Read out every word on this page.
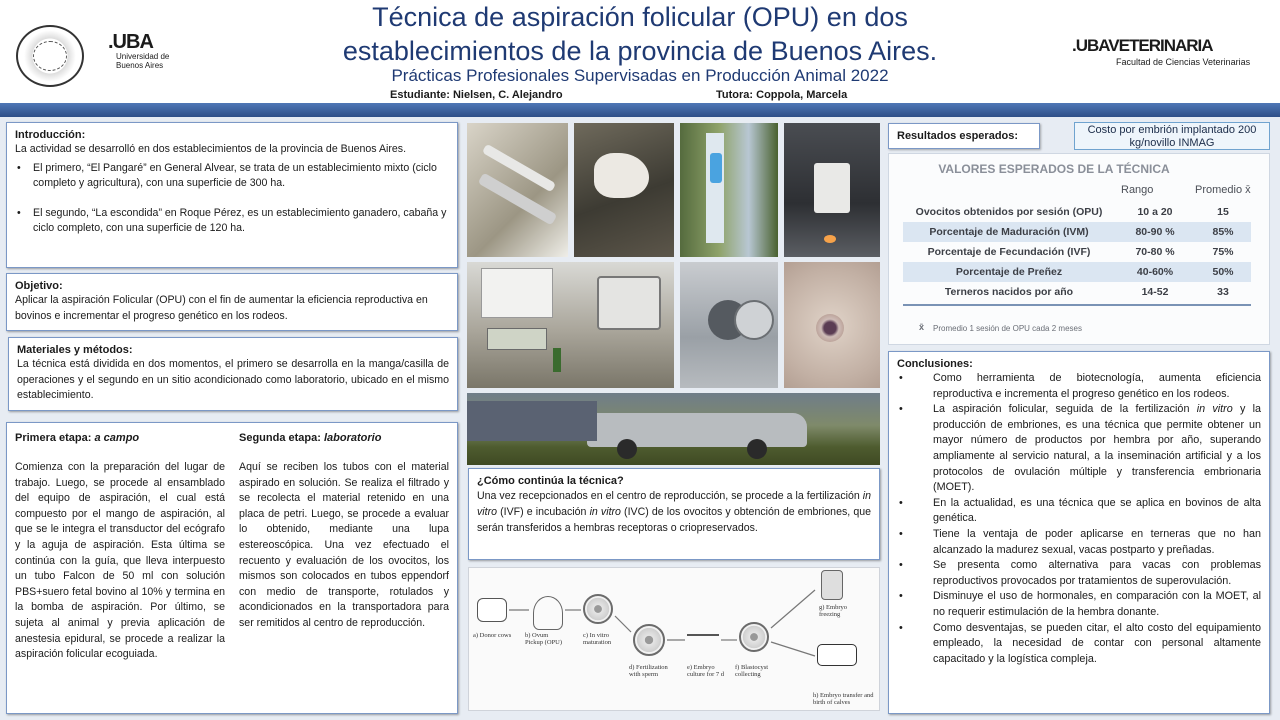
.UBA
Universidad de
Buenos Aires
Técnica de aspiración folicular (OPU) en dos
establecimientos de la provincia de Buenos Aires.
Prácticas Profesionales Supervisadas en Producción Animal 2022
Estudiante: Nielsen, C. Alejandro	Tutora: Coppola, Marcela
.UBAVETERINARIA
Facultad de Ciencias Veterinarias
Introducción:

La actividad se desarrolló en dos establecimientos de la provincia de Buenos Aires.

• El primero, “El Pangaré” en General Alvear, se trata de un establecimiento mixto (ciclo completo y agricultura), con una superficie de 300 ha.
• El segundo, “La escondida” en Roque Pérez, es un establecimiento ganadero, cabaña y ciclo completo, con una superficie de 120 ha.
Objetivo:

Aplicar la aspiración Folicular (OPU) con el fin de aumentar la eficiencia reproductiva en bovinos e incrementar el progreso genético en los rodeos.

Materiales y métodos:

La técnica está dividida en dos momentos, el primero se desarrolla en la manga/casilla de operaciones y el segundo en un sitio acondicionado como laboratorio, ubicado en el mismo establecimiento.

Primera etapa: a campo

Comienza con la preparación del lugar de trabajo. Luego, se procede al ensamblado del equipo de aspiración, el cual está compuesto por el mango de aspiración, al que se le integra el transductor del ecógrafo y la aguja de aspiración. Esta última se continúa con la guía, que lleva interpuesto un tubo Falcon de 50 ml con solución PBS+suero fetal bovino al 10% y termina en la bomba de aspiración. Por último, se sujeta al animal y previa aplicación de anestesia epidural, se procede a realizar la aspiración folicular ecoguiada.

Segunda etapa: laboratorio

Aquí se reciben los tubos con el material aspirado en solución. Se realiza el filtrado y se recolecta el material retenido en una placa de petri. Luego, se procede a evaluar lo obtenido, mediante una lupa estereoscópica. Una vez efectuado el recuento y evaluación de los ovocitos, los mismos son colocados en tubos eppendorf con medio de transporte, rotulados y acondicionados en la transportadora para ser remitidos al centro de reproducción.

¿Cómo continúa la técnica?

Una vez recepcionados en el centro de reproducción, se procede a la fertilización in vitro (IVF) e incubación in vitro (IVC) de los ovocitos y obtención de embriones, que serán transferidos a hembras receptoras o criopreservados.

a) Donor cows b) Ovum Pickup (OPU)
c) In vitro maturation
d) Fertilization with sperm
e) Embryo culture for 7 d
f) Blastocyst collecting
g) Embryo freezing
h) Embryo transfer and birth of calves
Resultados esperados:	Costo por embrión implantado 200 kg/novillo INMAG
VALORES ESPERADOS DE LA TÉCNICA
Rango	Promedio x̄
Ovocitos obtenidos por sesión (OPU)	10 a 20	15
Porcentaje de Maduración (IVM)	80-90 %	85%
Porcentaje de Fecundación (IVF)	70-80 %	75%
Porcentaje de Preñez	40-60%	50%
Terneros nacidos por año	14-52	33
x̄ Promedio 1 sesión de OPU cada 2 meses
Conclusiones:
• Como herramienta de biotecnología, aumenta eficiencia reproductiva e incrementa el progreso genético en los rodeos.
• La aspiración folicular, seguida de la fertilización in vitro y la producción de embriones, es una técnica que permite obtener un mayor número de productos por hembra por año, superando ampliamente al servicio natural, a la inseminación artificial y a los protocolos de ovulación múltiple y transferencia embrionaria (MOET).
• En la actualidad, es una técnica que se aplica en bovinos de alta genética.
• Tiene la ventaja de poder aplicarse en terneras que no han alcanzado la madurez sexual, vacas postparto y preñadas.
• Se presenta como alternativa para vacas con problemas reproductivos provocados por tratamientos de superovulación.
• Disminuye el uso de hormonales, en comparación con la MOET, al no requerir estimulación de la hembra donante.
• Como desventajas, se pueden citar, el alto costo del equipamiento empleado, la necesidad de contar con personal altamente capacitado y la logística compleja.
